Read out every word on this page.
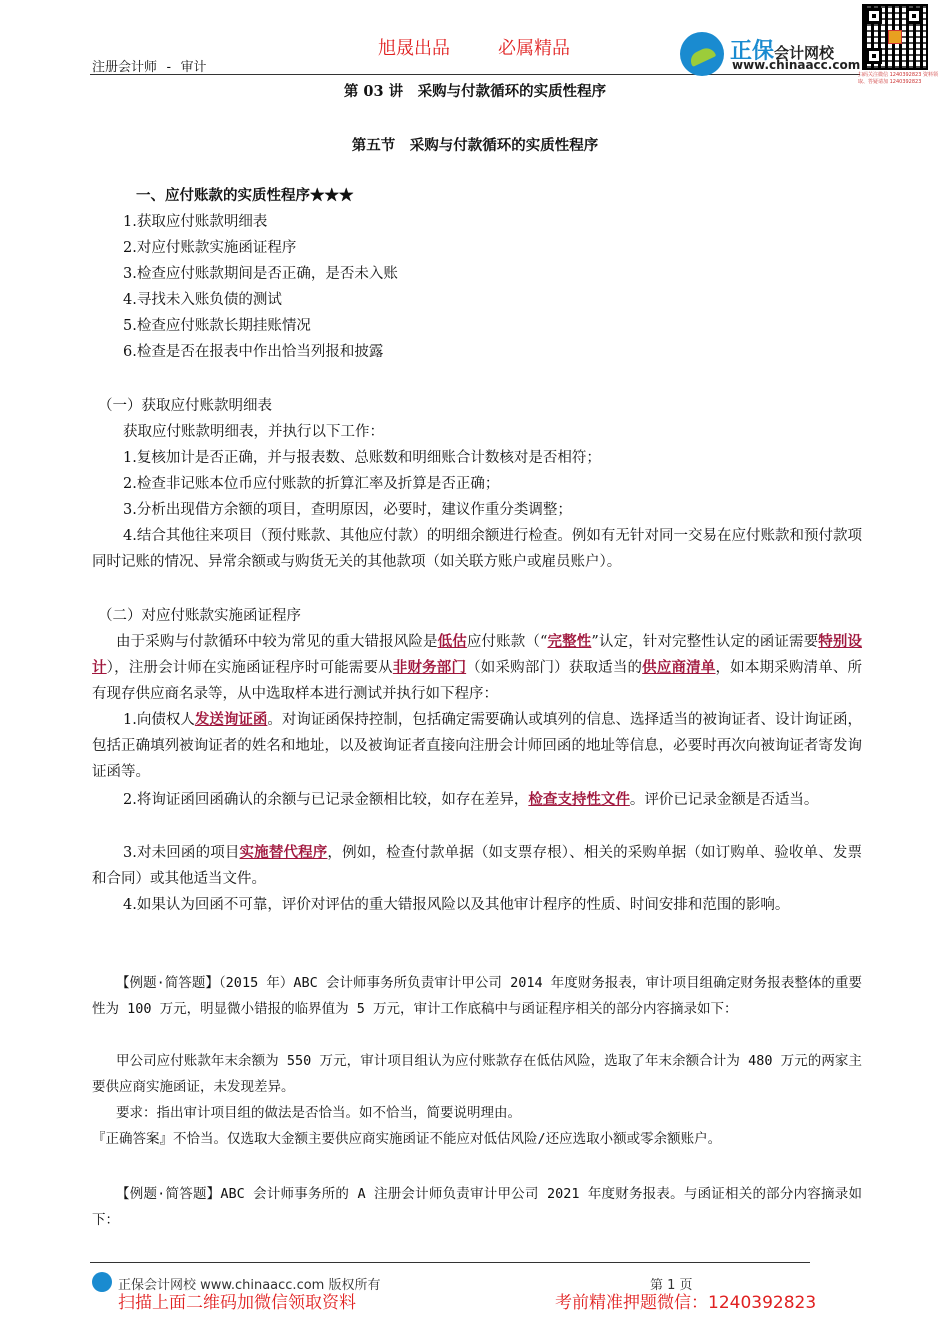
旭晟出品	必属精品
注册会计师 - 审计
正保会计网校
www.chinaacc.com
扫码关注微信 1240392823 资料领取、答疑请加 1240392823
第 03 讲　采购与付款循环的实质性程序
第五节　采购与付款循环的实质性程序
一、应付账款的实质性程序★★★
1.获取应付账款明细表
2.对应付账款实施函证程序
3.检查应付账款期间是否正确，是否未入账
4.寻找未入账负债的测试
5.检查应付账款长期挂账情况
6.检查是否在报表中作出恰当列报和披露
（一）获取应付账款明细表
获取应付账款明细表，并执行以下工作：
1.复核加计是否正确，并与报表数、总账数和明细账合计数核对是否相符；
2.检查非记账本位币应付账款的折算汇率及折算是否正确；
3.分析出现借方余额的项目，查明原因，必要时，建议作重分类调整；
4.结合其他往来项目（预付账款、其他应付款）的明细余额进行检查。例如有无针对同一交易在应付账款和预付款项同时记账的情况、异常余额或与购货无关的其他款项（如关联方账户或雇员账户）。
（二）对应付账款实施函证程序
由于采购与付款循环中较为常见的重大错报风险是低估应付账款（“完整性”认定，针对完整性认定的函证需要特别设计），注册会计师在实施函证程序时可能需要从非财务部门（如采购部门）获取适当的供应商清单，如本期采购清单、所有现存供应商名录等，从中选取样本进行测试并执行如下程序：
1.向债权人发送询证函。对询证函保持控制，包括确定需要确认或填列的信息、选择适当的被询证者、设计询证函，包括正确填列被询证者的姓名和地址，以及被询证者直接向注册会计师回函的地址等信息，必要时再次向被询证者寄发询证函等。
2.将询证函回函确认的余额与已记录金额相比较，如存在差异，检查支持性文件。评价已记录金额是否适当。
3.对未回函的项目实施替代程序，例如，检查付款单据（如支票存根）、相关的采购单据（如订购单、验收单、发票和合同）或其他适当文件。
4.如果认为回函不可靠，评价对评估的重大错报风险以及其他审计程序的性质、时间安排和范围的影响。
【例题·简答题】（2015 年）ABC 会计师事务所负责审计甲公司 2014 年度财务报表，审计项目组确定财务报表整体的重要性为 100 万元，明显微小错报的临界值为 5 万元，审计工作底稿中与函证程序相关的部分内容摘录如下：
甲公司应付账款年末余额为 550 万元，审计项目组认为应付账款存在低估风险，选取了年末余额合计为 480 万元的两家主要供应商实施函证，未发现差异。
要求：指出审计项目组的做法是否恰当。如不恰当，简要说明理由。
『正确答案』不恰当。仅选取大金额主要供应商实施函证不能应对低估风险/还应选取小额或零余额账户。
【例题·简答题】ABC 会计师事务所的 A 注册会计师负责审计甲公司 2021 年度财务报表。与函证相关的部分内容摘录如下：
正保会计网校 www.chinaacc.com 版权所有	第 1 页
扫描上面二维码加微信领取资料	考前精准押题微信：1240392823
